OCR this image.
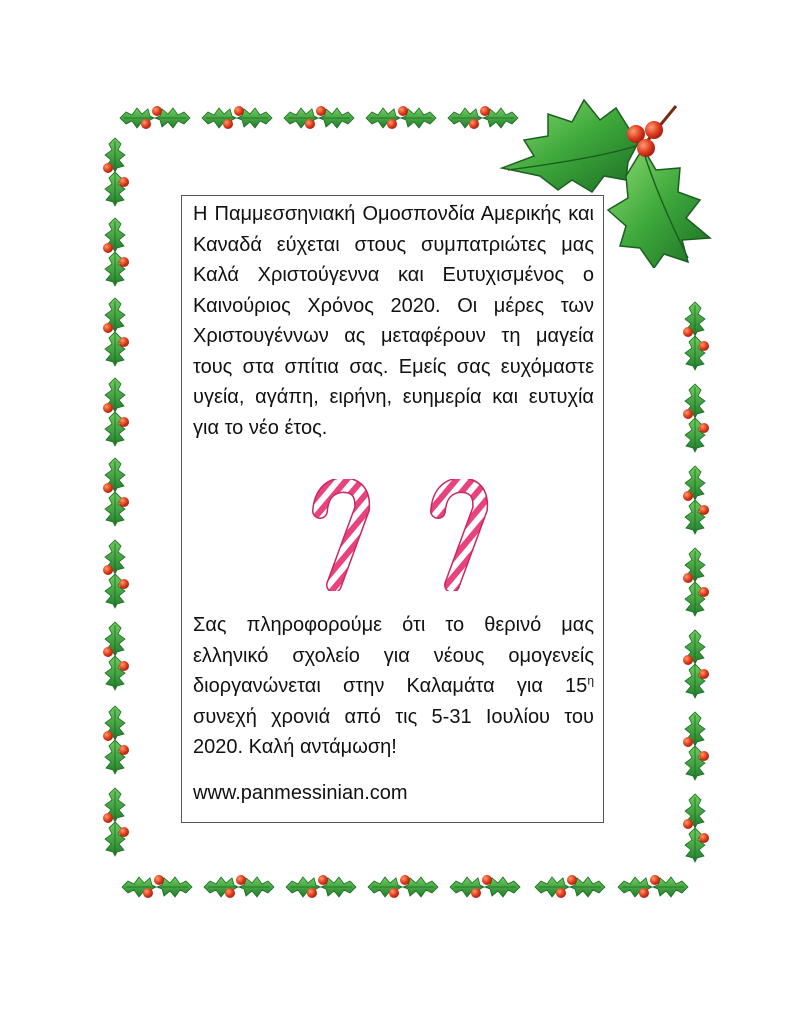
Η Παμμεσσηνιακή Ομοσπονδία Αμερικής και Καναδά εύχεται στους συμπατριώτες μας Καλά Χριστούγεννα και Ευτυχισμένος ο Καινούριος Χρόνος 2020. Οι μέρες των Χριστουγέννων ας μεταφέρουν τη μαγεία τους στα σπίτια σας. Εμείς σας ευχόμαστε υγεία, αγάπη, ειρήνη, ευημερία και ευτυχία για το νέο έτος.

Σας πληροφορούμε ότι το θερινό μας ελληνικό σχολείο για νέους ομογενείς διοργανώνεται στην Καλαμάτα για $15^\eta$ συνεχή χρονιά από τις 5-31 Ιουλίου του 2020. Καλή αντάμωση!

www.panmessinian.com
